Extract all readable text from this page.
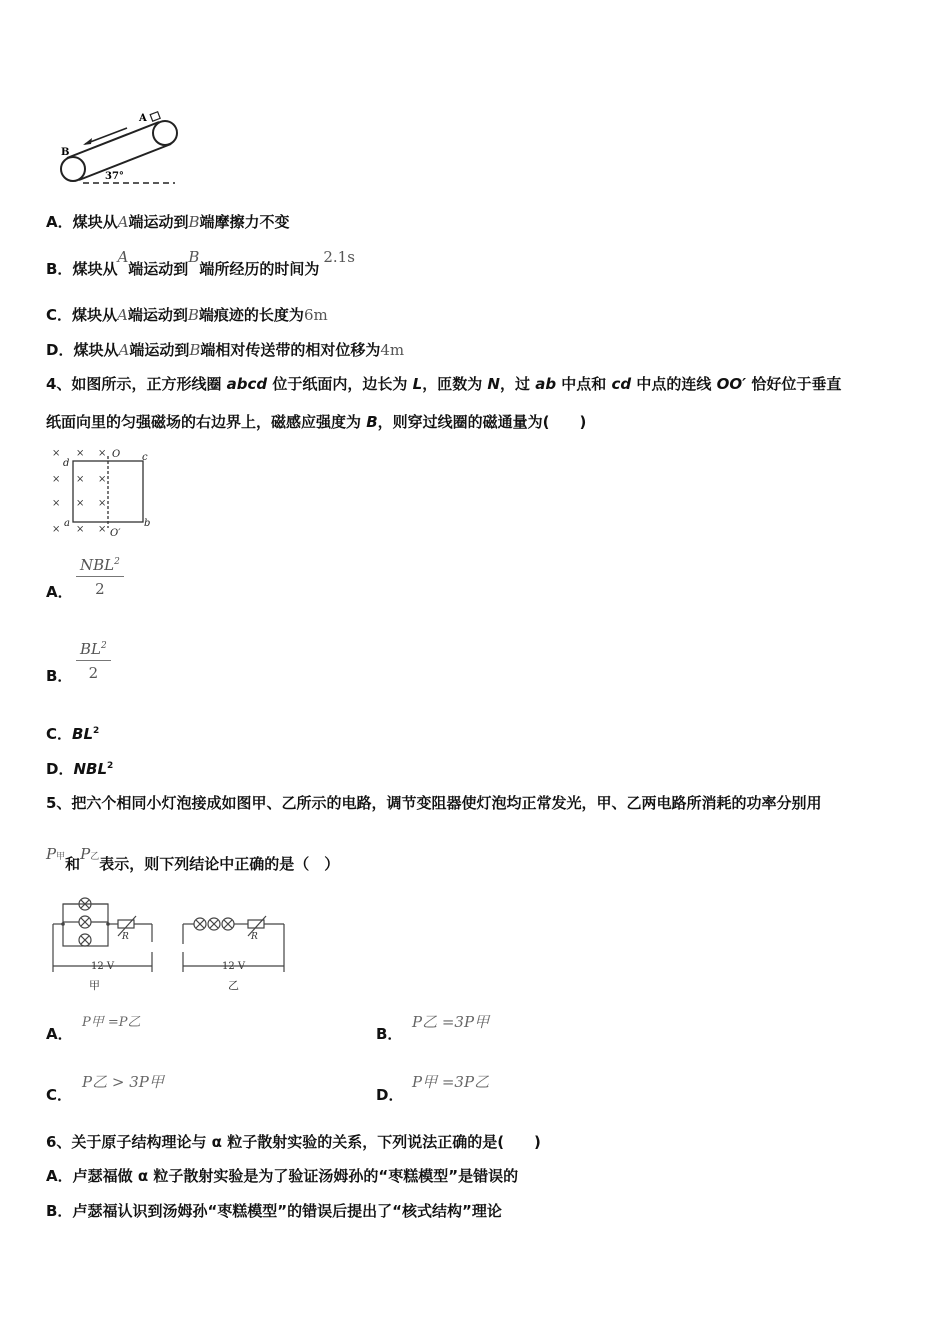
A
B
37°
A．煤块从A端运动到B端摩擦力不变
B．煤块从A端运动到B端所经历的时间为2.1s
C．煤块从A端运动到B端痕迹的长度为6m
D．煤块从A端运动到B端相对传送带的相对位移为4m
4、如图所示，正方形线圈 abcd 位于纸面内，边长为 L，匝数为 N，过 ab 中点和 cd 中点的连线 OO′ 恰好位于垂直
纸面向里的匀强磁场的右边界上，磁感应强度为 B，则穿过线圈的磁通量为(　　)
× × ×
× × ×
× × ×
× × ×
d
O c
a
O′
b
A．
NBL$^2$
2
B． $\frac{BL^2}{2}$
C．$BL^2$
D．NBL$^2$
5、把六个相同小灯泡接成如图甲、乙所示的电路，调节变阻器使灯泡均正常发光，甲、乙两电路所消耗的功率分别用
P甲和P乙表示，则下列结论中正确的是（　）
R
12 V
甲
R
12 V
乙
A．
P甲 =P乙
B．
P乙 =3P甲
C．
P乙 > 3P甲
D．
P甲 =3P乙
6、关于原子结构理论与 α 粒子散射实验的关系，下列说法正确的是(　　)
A．卢瑟福做 α 粒子散射实验是为了验证汤姆孙的“枣糕模型”是错误的
B．卢瑟福认识到汤姆孙“枣糕模型”的错误后提出了“核式结构”理论
